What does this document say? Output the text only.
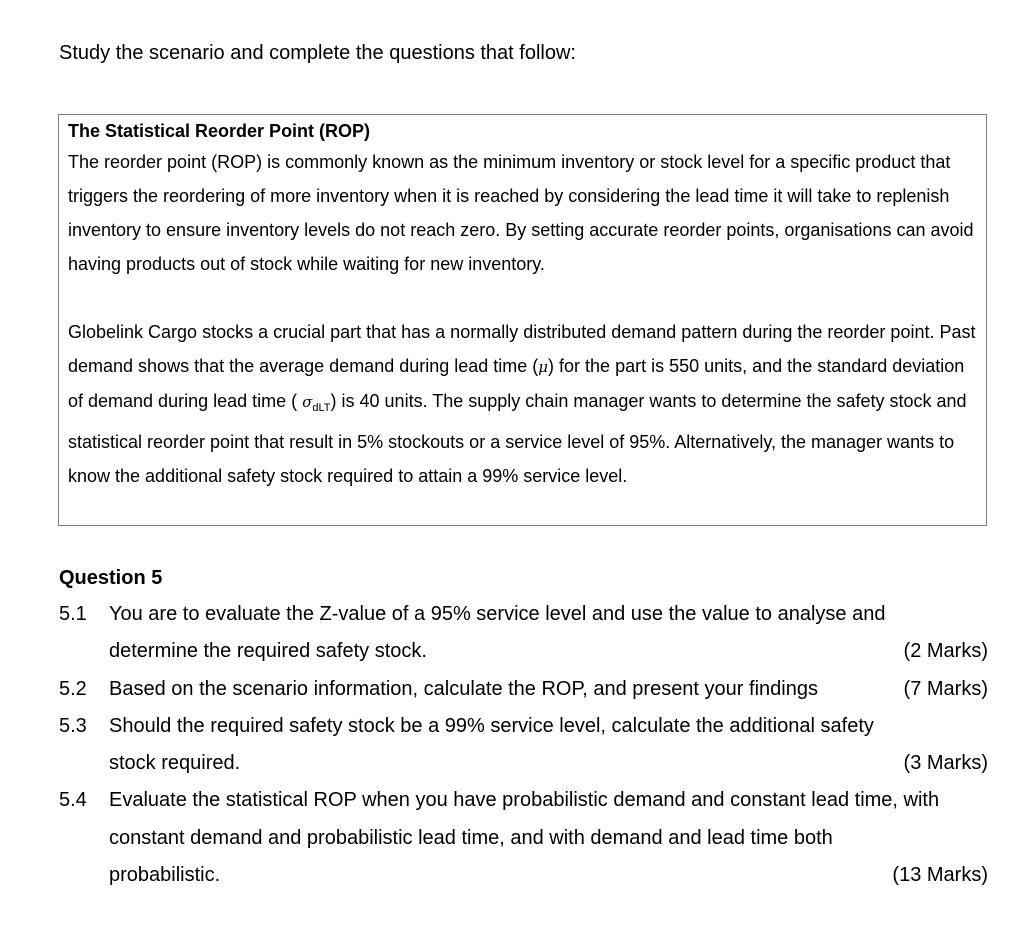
Study the scenario and complete the questions that follow:

The Statistical Reorder Point (ROP)

The reorder point (ROP) is commonly known as the minimum inventory or stock level for a specific product that triggers the reordering of more inventory when it is reached by considering the lead time it will take to replenish inventory to ensure inventory levels do not reach zero. By setting accurate reorder points, organisations can avoid having products out of stock while waiting for new inventory.

Globelink Cargo stocks a crucial part that has a normally distributed demand pattern during the reorder point. Past demand shows that the average demand during lead time (μ) for the part is 550 units, and the standard deviation of demand during lead time ( $\sigma_{dLT}$) is 40 units. The supply chain manager wants to determine the safety stock and statistical reorder point that result in 5% stockouts or a service level of 95%. Alternatively, the manager wants to know the additional safety stock required to attain a 99% service level.

Question 5
5.1 You are to evaluate the Z-value of a 95% service level and use the value to analyse and
determine the required safety stock.	(2 Marks)
5.2 Based on the scenario information, calculate the ROP, and present your findings	(7 Marks)
5.3 Should the required safety stock be a 99% service level, calculate the additional safety
stock required.	(3 Marks)
5.4 Evaluate the statistical ROP when you have probabilistic demand and constant lead time, with constant demand and probabilistic lead time, and with demand and lead time both
probabilistic.	(13 Marks)
